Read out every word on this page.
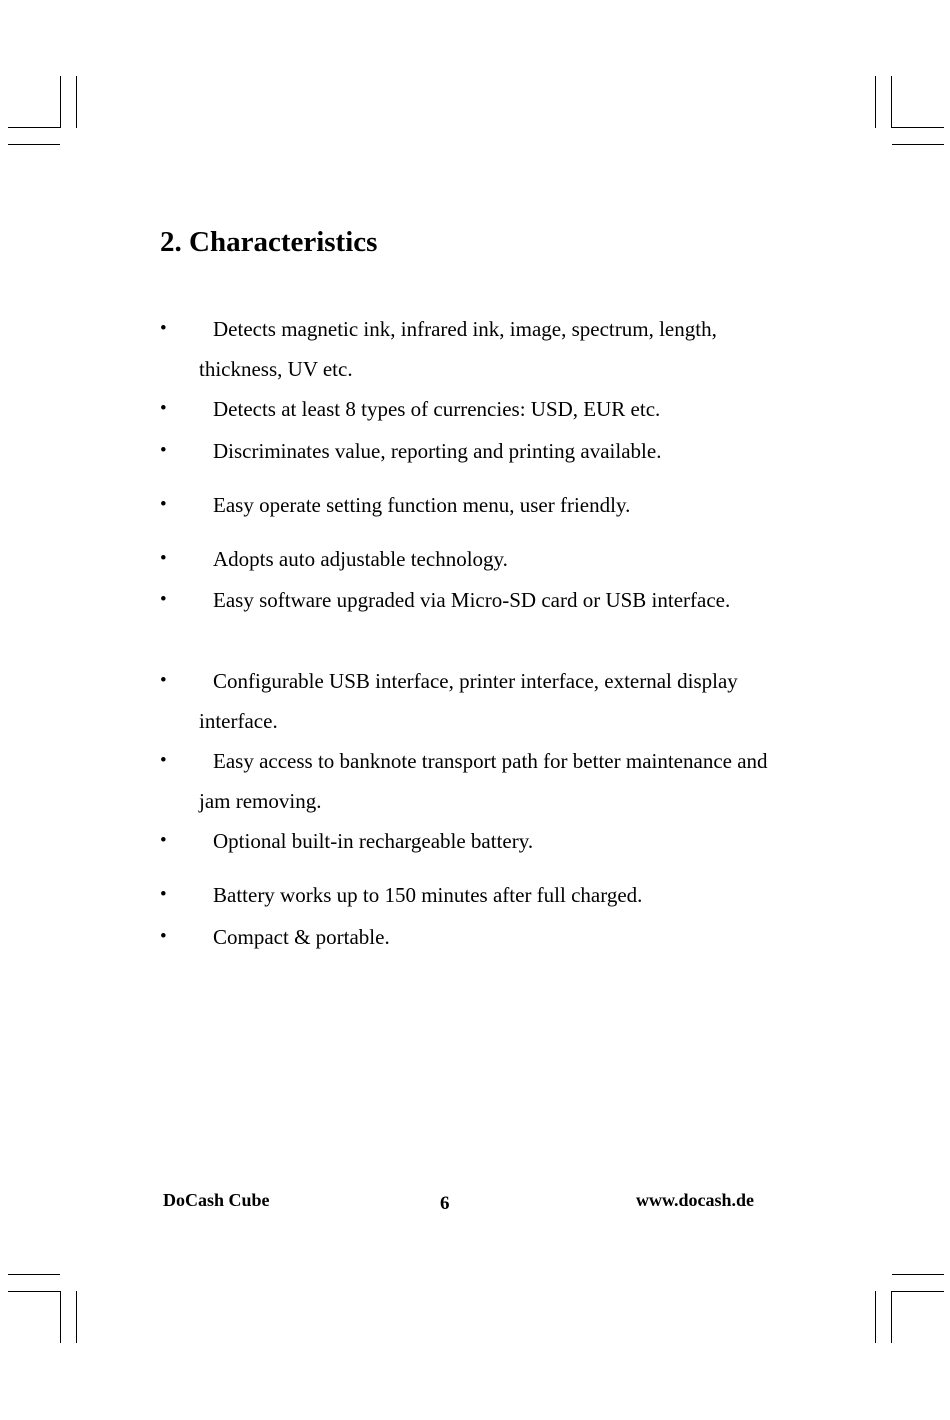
2. Characteristics
•	Detects magnetic ink, infrared ink, image, spectrum, length, thickness, UV etc.
•	Detects at least 8 types of currencies: USD, EUR etc.
•	Discriminates value, reporting and printing available.
•	Easy operate setting function menu, user friendly.
•	Adopts auto adjustable technology.
•	Easy software upgraded via Micro-SD card or USB interface.
•	Configurable USB interface, printer interface, external display interface.
•	Easy access to banknote transport path for better maintenance and jam removing.
•	Optional built-in rechargeable battery.
•	Battery works up to 150 minutes after full charged.
•	Compact & portable.
DoCash Cube	6	www.docash.de
